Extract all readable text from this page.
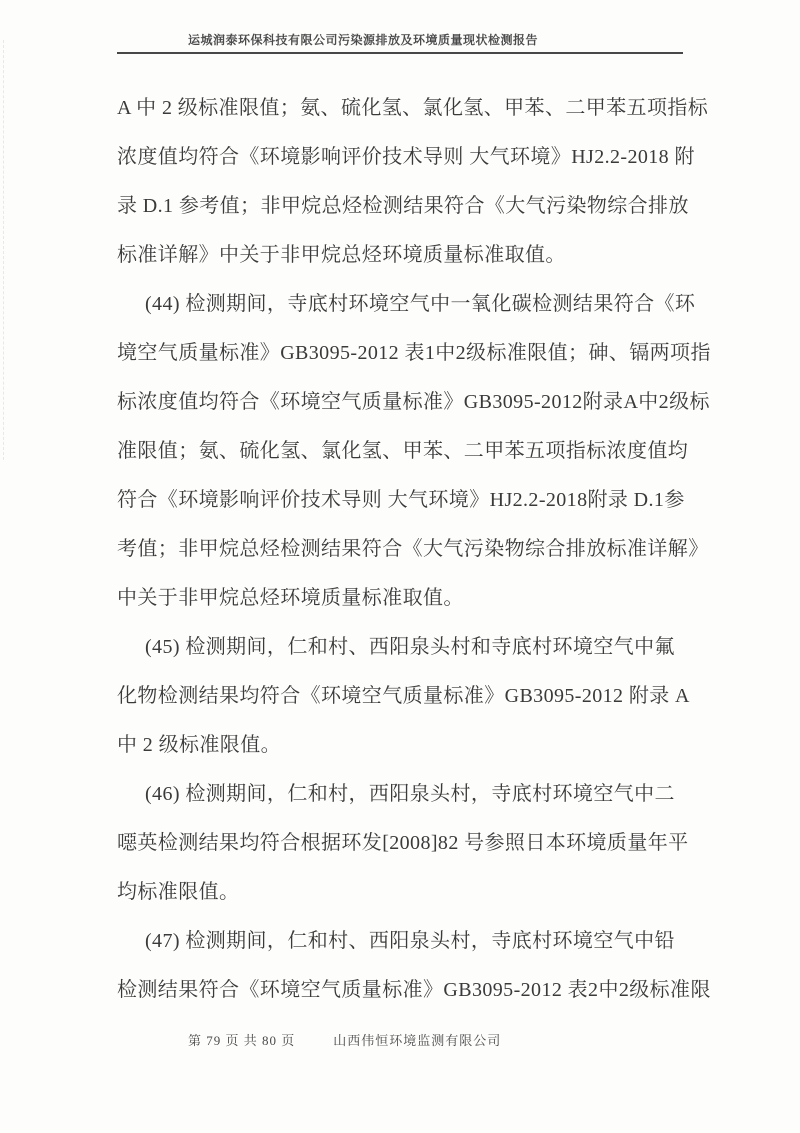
运城润泰环保科技有限公司污染源排放及环境质量现状检测报告
A 中 2 级标准限值；氨、硫化氢、氯化氢、甲苯、二甲苯五项指标
浓度值均符合《环境影响评价技术导则 大气环境》HJ2.2-2018 附
录 D.1 参考值；非甲烷总烃检测结果符合《大气污染物综合排放
标准详解》中关于非甲烷总烃环境质量标准取值。
(44) 检测期间，寺底村环境空气中一氧化碳检测结果符合《环
境空气质量标准》GB3095-2012 表1中2级标准限值；砷、镉两项指
标浓度值均符合《环境空气质量标准》GB3095-2012附录A中2级标
准限值；氨、硫化氢、氯化氢、甲苯、二甲苯五项指标浓度值均
符合《环境影响评价技术导则 大气环境》HJ2.2-2018附录 D.1参
考值；非甲烷总烃检测结果符合《大气污染物综合排放标准详解》
中关于非甲烷总烃环境质量标准取值。
(45) 检测期间，仁和村、西阳泉头村和寺底村环境空气中氟
化物检测结果均符合《环境空气质量标准》GB3095-2012 附录 A
中 2 级标准限值。
(46) 检测期间，仁和村，西阳泉头村，寺底村环境空气中二
噁英检测结果均符合根据环发[2008]82 号参照日本环境质量年平
均标准限值。
(47) 检测期间，仁和村、西阳泉头村，寺底村环境空气中铅
检测结果符合《环境空气质量标准》GB3095-2012 表2中2级标准限
第 79 页 共 80 页	山西伟恒环境监测有限公司
